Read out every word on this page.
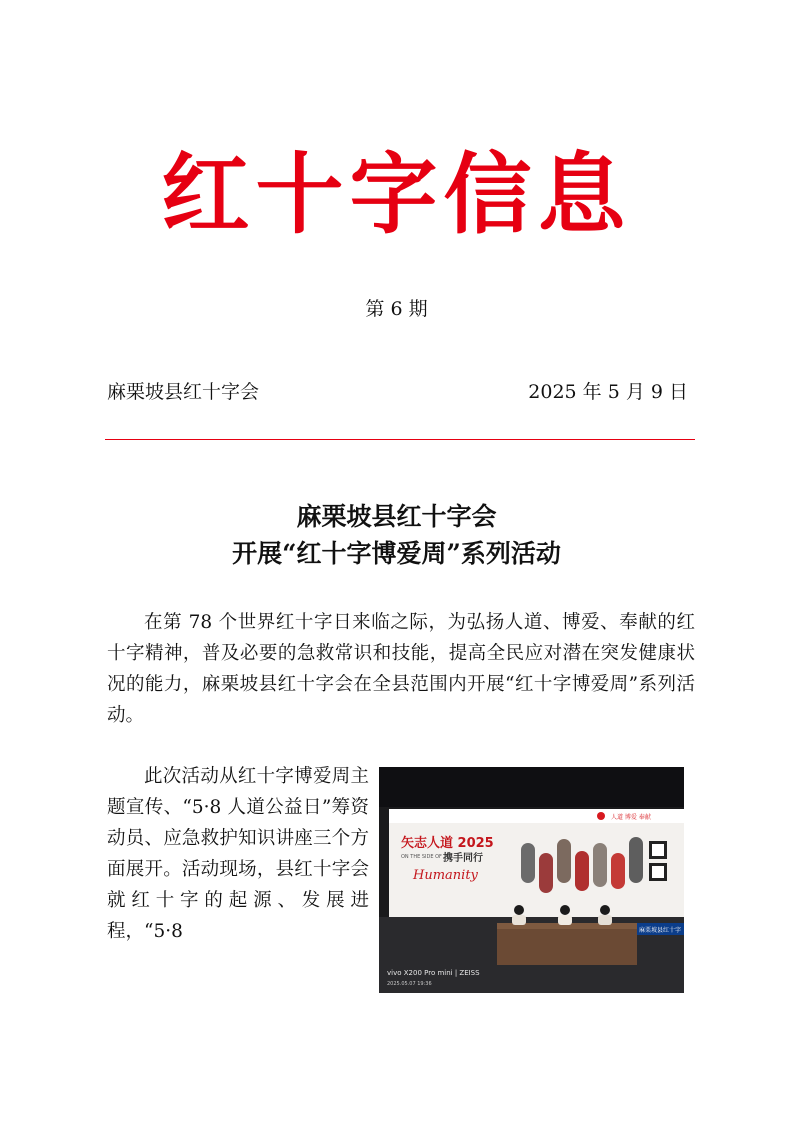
红十字信息
第 6 期
麻栗坡县红十字会	2025 年 5 月 9 日
麻栗坡县红十字会
开展“红十字博爱周”系列活动

在第 78 个世界红十字日来临之际，为弘扬人道、博爱、奉献的红十字精神，普及必要的急救常识和技能，提高全民应对潜在突发健康状况的能力，麻栗坡县红十字会在全县范围内开展“红十字博爱周”系列活动。

此次活动从红十字博爱周主题宣传、“5·8 人道公益日”筹资动员、应急救护知识讲座三个方面展开。活动现场，县红十字会就红十字的起源、发展进程，“5·8

人道 博爱 奉献
矢志人道 2025
ON THE SIDE OF 携手同行
Humanity
麻栗坡县红十字
vivo X200 Pro mini | ZEISS
2025.05.07 19:36
